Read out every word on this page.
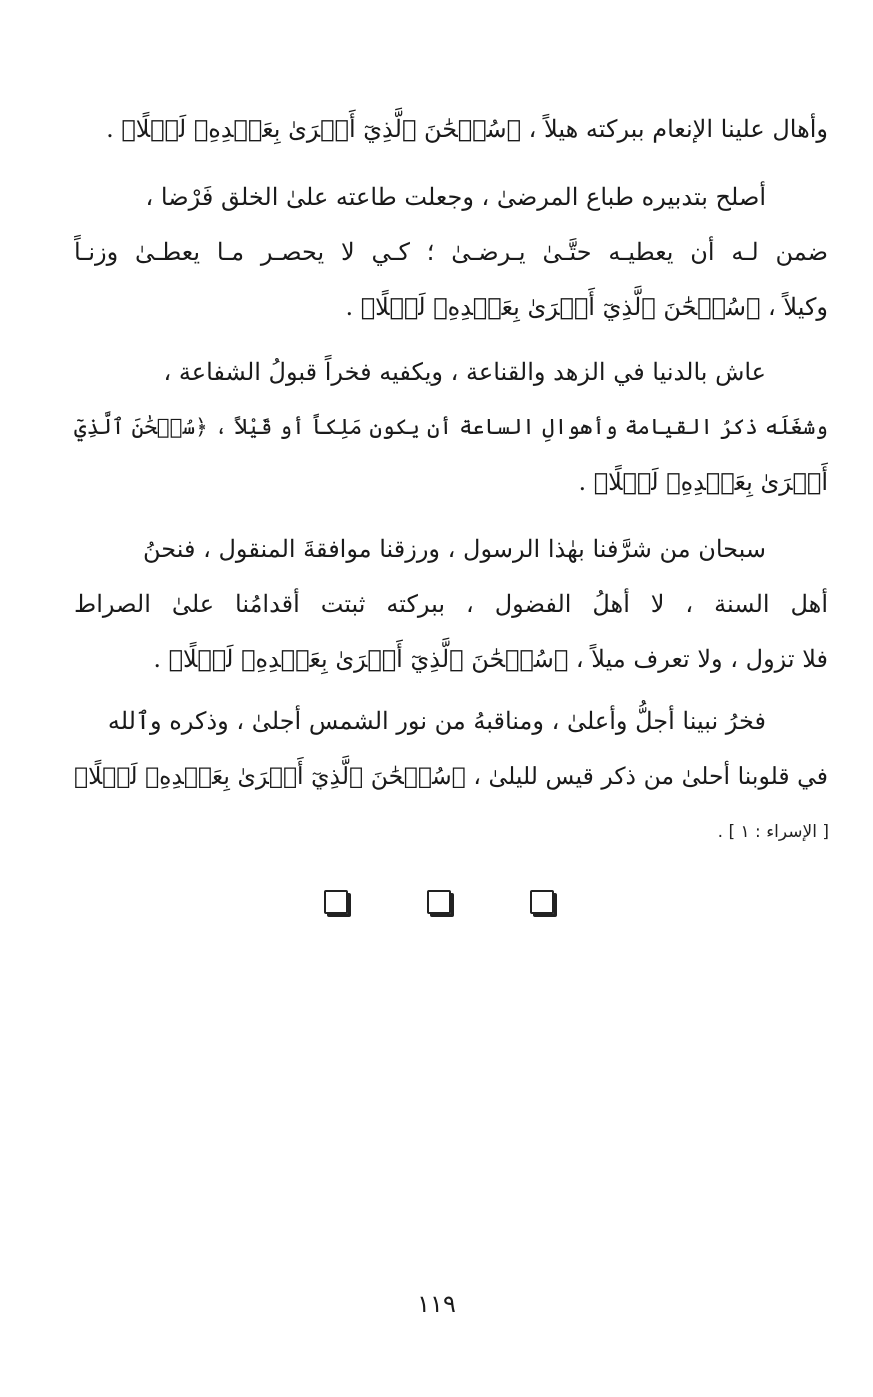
وأهال علينا الإنعام ببركته هيلاً ، ﴿سُبۡحَٰنَ ٱلَّذِيٓ أَسۡرَىٰ بِعَبۡدِهِۦ لَيۡلًا﴾ .
أصلح بتدبيره طباع المرضىٰ ، وجعلت طاعته علىٰ الخلق فَرْضا ،
ضمن لـه أن يعطيـه حتَّـىٰ يـرضـىٰ ؛ كـي لا يحصـر مـا يعطـىٰ وزنـاً
وكيلاً ، ﴿سُبۡحَٰنَ ٱلَّذِيٓ أَسۡرَىٰ بِعَبۡدِهِۦ لَيۡلًا﴾ .
عاش بالدنيا في الزهد والقناعة ، ويكفيه فخراً قبولُ الشفاعة ،
وشغَلَه ذكرُ القيامة وأهوالِ الساعة أن يكون مَلِكاً أو قَيْلاً ، ﴿سُبۡحَٰنَ ٱلَّذِيٓ
أَسۡرَىٰ بِعَبۡدِهِۦ لَيۡلًا﴾ .
سبحان من شرَّفنا بهٰذا الرسول ، ورزقنا موافقةَ المنقول ، فنحنُ
أهل السنة ، لا أهلُ الفضول ، ببركته ثبتت أقدامُنا علىٰ الصراط
فلا تزول ، ولا تعرف ميلاً ، ﴿سُبۡحَٰنَ ٱلَّذِيٓ أَسۡرَىٰ بِعَبۡدِهِۦ لَيۡلًا﴾ .
فخرُ نبينا أجلُّ وأعلىٰ ، ومناقبهُ من نور الشمس أجلىٰ ، وذكره وٱلله
في قلوبنا أحلىٰ من ذكر قيس لليلىٰ ، ﴿سُبۡحَٰنَ ٱلَّذِيٓ أَسۡرَىٰ بِعَبۡدِهِۦ لَيۡلًا﴾
[ الإسراء : ١ ] .
١١٩
